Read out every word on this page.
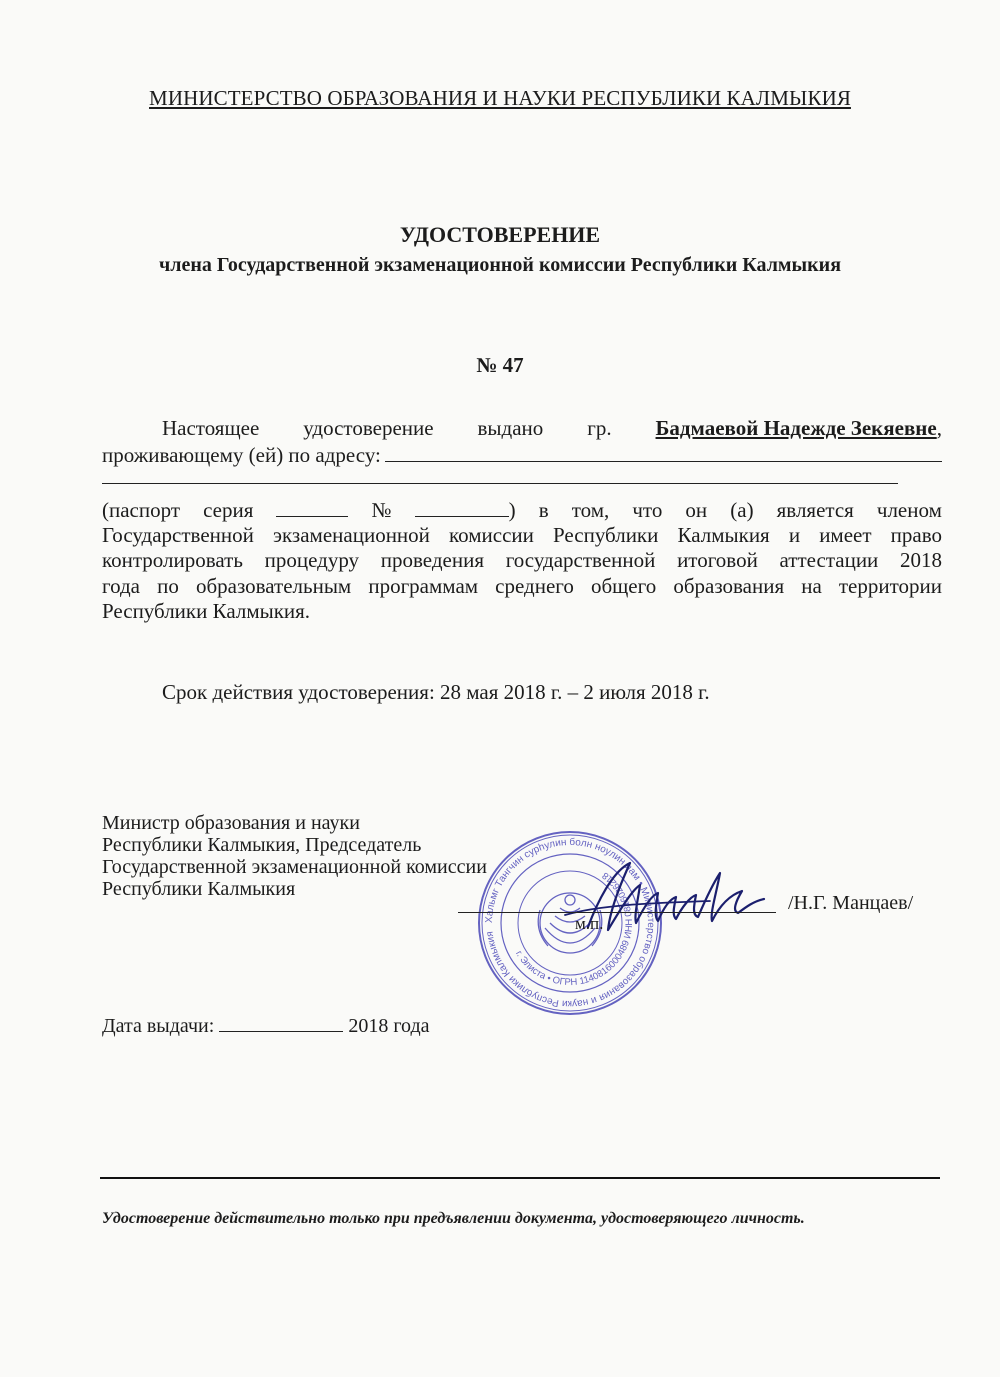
МИНИСТЕРСТВО ОБРАЗОВАНИЯ И НАУКИ РЕСПУБЛИКИ КАЛМЫКИЯ
УДОСТОВЕРЕНИЕ
члена Государственной экзаменационной комиссии Республики Калмыкия
№ 47
Настоящее удостоверение выдано гр. Бадмаевой Надежде Зекяевне,
проживающему (ей) по адресу:
(паспорт серия	№	) в том, что он (а) является членом
Государственной экзаменационной комиссии Республики Калмыкия и имеет право
контролировать процедуру проведения государственной итоговой аттестации 2018
года по образовательным программам среднего общего образования на территории
Республики Калмыкия.
Срок действия удостоверения: 28 мая 2018 г. – 2 июля 2018 г.
Министр образования и науки
Республики Калмыкия, Председатель
Государственной экзаменационной комиссии
Республики Калмыкия
Хальмг Тангчин сурһулин болн ноулин яам • Министерство образования и науки Республики Калмыкия
г. Элиста • ОГРН 1140816000489 ИНН 0816026218
м.п.
/Н.Г. Манцаев/
Дата выдачи:	2018 года
Удостоверение действительно только при предъявлении документа, удостоверяющего личность.
